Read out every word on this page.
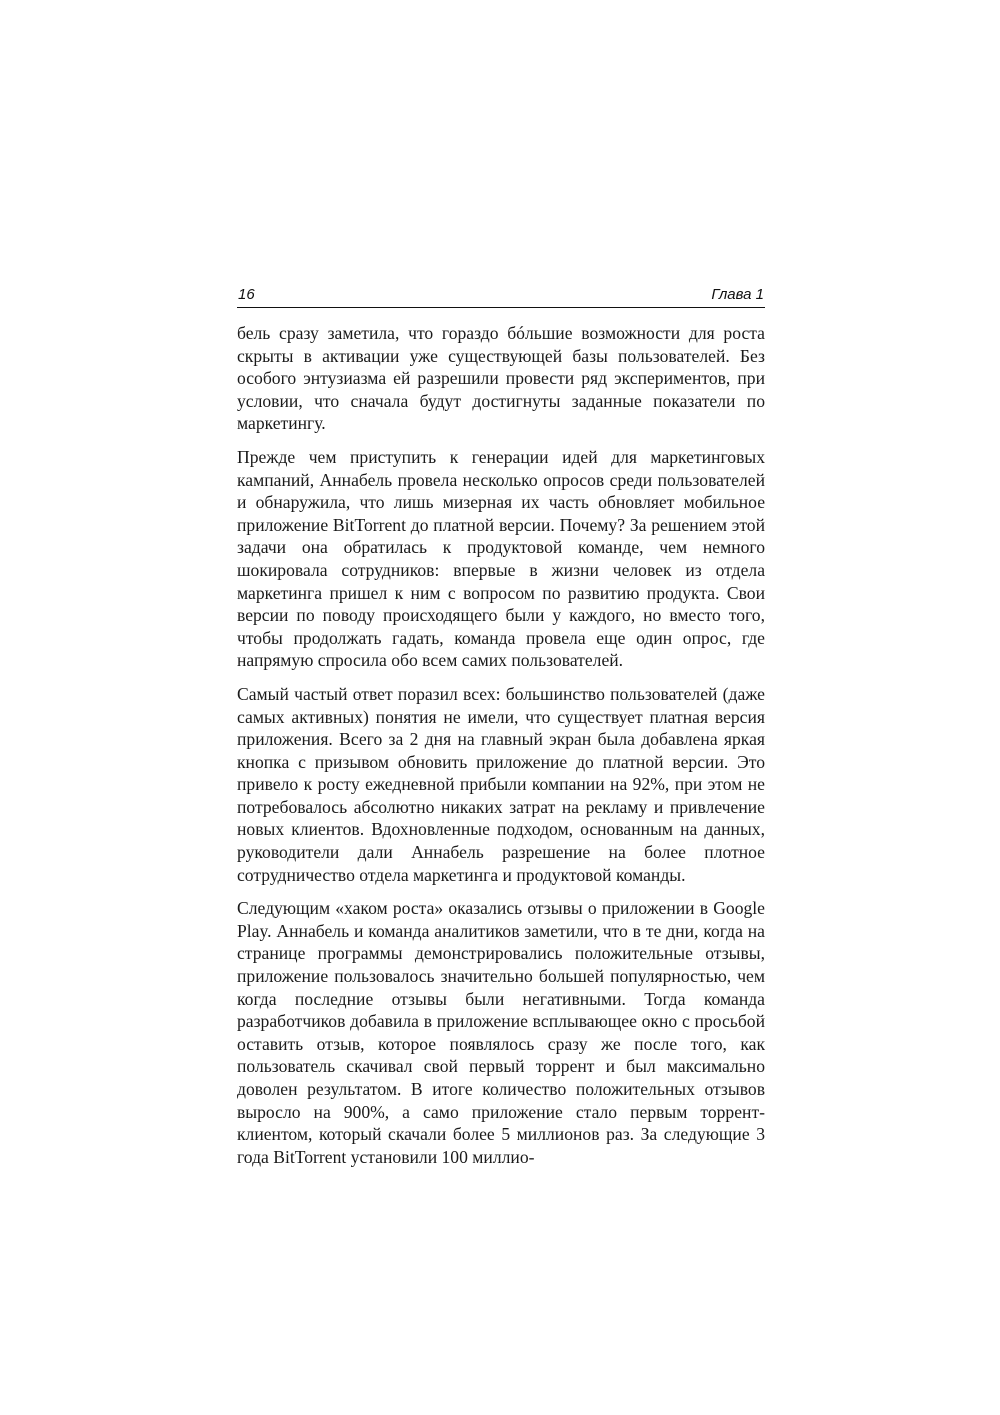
16	Глава 1

бель сразу заметила, что гораздо бóльшие возможности для роста скрыты в активации уже существующей базы пользователей. Без особого энтузиазма ей разрешили провести ряд экспериментов, при условии, что сначала будут достигнуты заданные показатели по маркетингу.

Прежде чем приступить к генерации идей для маркетинговых кампаний, Аннабель провела несколько опросов среди пользователей и обнаружила, что лишь мизерная их часть обновляет мобильное приложение BitTorrent до платной версии. Почему? За решением этой задачи она обратилась к продуктовой команде, чем немного шокировала сотрудников: впервые в жизни человек из отдела маркетинга пришел к ним с вопросом по развитию продукта. Свои версии по поводу происходящего были у каждого, но вместо того, чтобы продолжать гадать, команда провела еще один опрос, где напрямую спросила обо всем самих пользователей.

Самый частый ответ поразил всех: большинство пользователей (даже самых активных) понятия не имели, что существует платная версия приложения. Всего за 2 дня на главный экран была добавлена яркая кнопка с призывом обновить приложение до платной версии. Это привело к росту ежедневной прибыли компании на 92%, при этом не потребовалось абсолютно никаких затрат на рекламу и привлечение новых клиентов. Вдохновленные подходом, основанным на данных, руководители дали Аннабель разрешение на более плотное сотрудничество отдела маркетинга и продуктовой команды.

Следующим «хаком роста» оказались отзывы о приложении в Google Play. Аннабель и команда аналитиков заметили, что в те дни, когда на странице программы демонстрировались положительные отзывы, приложение пользовалось значительно большей популярностью, чем когда последние отзывы были негативными. Тогда команда разработчиков добавила в приложение всплывающее окно с просьбой оставить отзыв, которое появлялось сразу же после того, как пользователь скачивал свой первый торрент и был максимально доволен результатом. В итоге количество положительных отзывов выросло на 900%, а само приложение стало первым торрент-клиентом, который скачали более 5 миллионов раз. За следующие 3 года BitTorrent установили 100 миллио-
